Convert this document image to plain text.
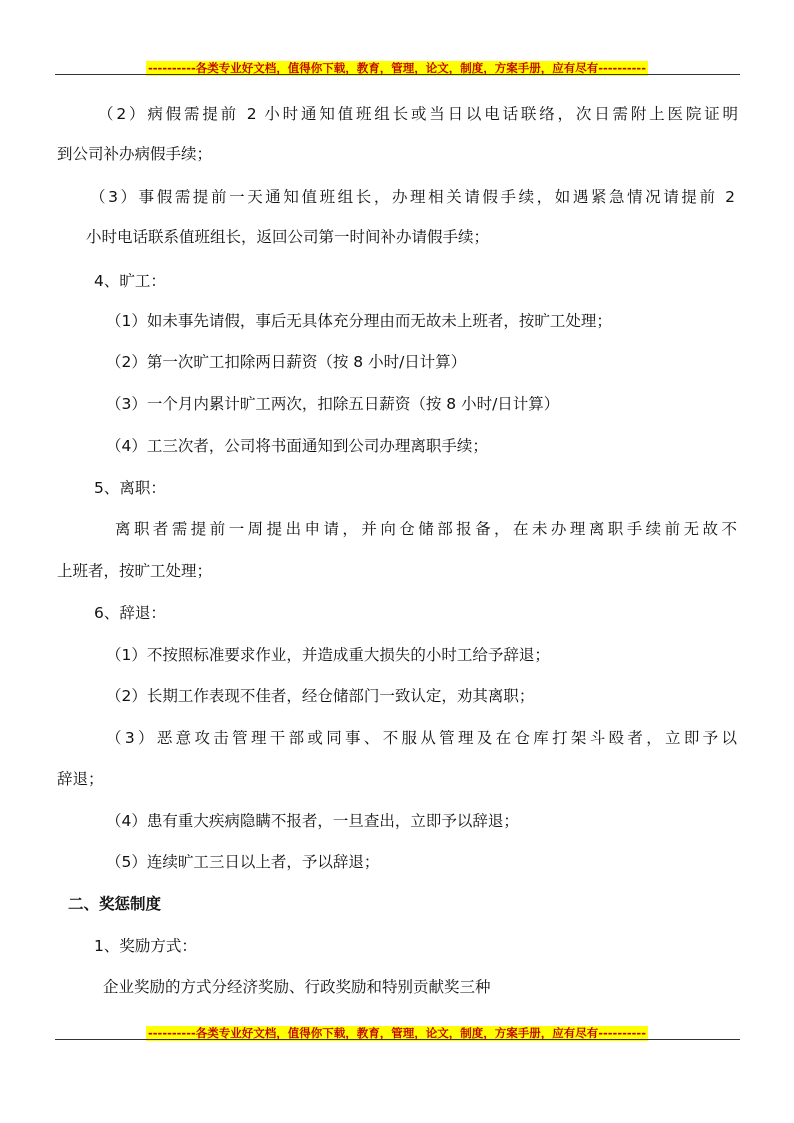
----------各类专业好文档，值得你下载，教育，管理，论文，制度，方案手册，应有尽有----------
（2）病假需提前 2 小时通知值班组长或当日以电话联络，次日需附上医院证明
到公司补办病假手续；
（3）事假需提前一天通知值班组长，办理相关请假手续，如遇紧急情况请提前 2
小时电话联系值班组长，返回公司第一时间补办请假手续；
4、旷工：
（1）如未事先请假，事后无具体充分理由而无故未上班者，按旷工处理；
（2）第一次旷工扣除两日薪资（按 8 小时/日计算）
（3）一个月内累计旷工两次，扣除五日薪资（按 8 小时/日计算）
（4）工三次者，公司将书面通知到公司办理离职手续；
5、离职：
离职者需提前一周提出申请，并向仓储部报备，在未办理离职手续前无故不
上班者，按旷工处理；
6、辞退：
（1）不按照标准要求作业，并造成重大损失的小时工给予辞退；
（2）长期工作表现不佳者，经仓储部门一致认定，劝其离职；
（3）恶意攻击管理干部或同事、不服从管理及在仓库打架斗殴者，立即予以
辞退；
（4）患有重大疾病隐瞒不报者，一旦查出，立即予以辞退；
（5）连续旷工三日以上者，予以辞退；
二、奖惩制度
1、奖励方式：
企业奖励的方式分经济奖励、行政奖励和特别贡献奖三种
----------各类专业好文档，值得你下载，教育，管理，论文，制度，方案手册，应有尽有----------
